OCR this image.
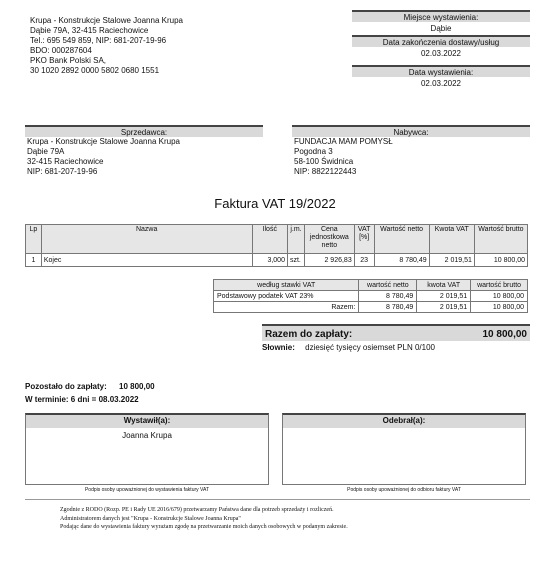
Krupa - Konstrukcje Stalowe Joanna Krupa
Dąbie 79A, 32-415 Raciechowice
Tel.: 695 549 859, NIP: 681-207-19-96
BDO: 000287604
PKO Bank Polski SA,
30 1020 2892 0000 5802 0680 1551
Miejsce wystawienia:
Dąbie
Data zakończenia dostawy/usług
02.03.2022
Data wystawienia:
02.03.2022
Sprzedawca:
Krupa - Konstrukcje Stalowe Joanna Krupa
Dąbie 79A
32-415 Raciechowice
NIP: 681-207-19-96
Nabywca:
FUNDACJA MAM POMYSŁ
Pogodna 3
58-100 Świdnica
NIP: 8822122443
Faktura VAT 19/2022
Lp	Nazwa	Ilość	j.m.	Cena jednostkowa netto	VAT [%]	Wartość netto	Kwota VAT	Wartość brutto
1	Kojec	3,000	szt.	2 926,83	23	8 780,49	2 019,51	10 800,00
według stawki VAT	wartość netto	kwota VAT	wartość brutto
Podstawowy podatek VAT 23%	8 780,49	2 019,51	10 800,00
Razem:	8 780,49	2 019,51	10 800,00
Razem do zapłaty:	10 800,00
Słownie: dziesięć tysięcy osiemset PLN 0/100
Pozostało do zapłaty: 10 800,00
W terminie: 6 dni = 08.03.2022
Wystawił(a):
Joanna Krupa
Podpis osoby upoważnionej do wystawienia faktury VAT
Odebrał(a):
Podpis osoby upoważnionej do odbioru faktury VAT
Zgodnie z RODO (Rozp. PE i Rady UE 2016/679) przetwarzamy Państwa dane dla potrzeb sprzedaży i rozliczeń.
Administratorem danych jest "Krupa - Konstrukcje Stalowe Joanna Krupa"
Podając dane do wystawienia faktury wyrażam zgodę na przetwarzanie moich danych osobowych w podanym zakresie.
